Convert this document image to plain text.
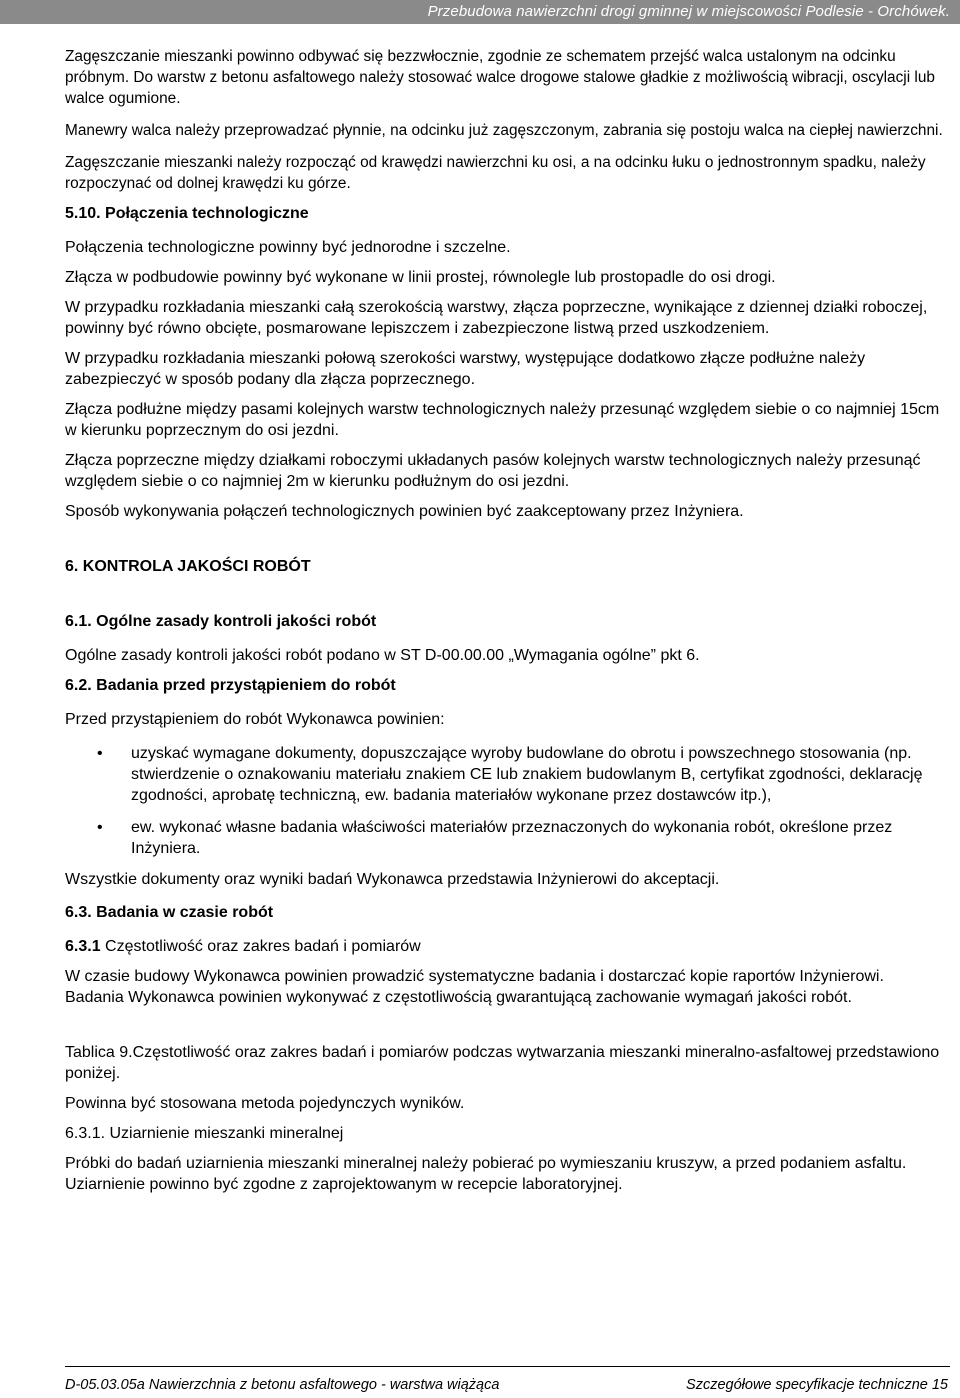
Przebudowa nawierzchni drogi gminnej w miejscowości Podlesie - Orchówek.

Zagęszczanie mieszanki powinno odbywać się bezzwłocznie, zgodnie ze schematem przejść walca ustalonym na odcinku próbnym. Do warstw z betonu asfaltowego należy stosować walce drogowe stalowe gładkie z możliwością wibracji, oscylacji lub walce ogumione.

Manewry walca należy przeprowadzać płynnie, na odcinku już zagęszczonym, zabrania się postoju walca na ciepłej nawierzchni.

Zagęszczanie mieszanki należy rozpocząć od krawędzi nawierzchni ku osi, a na odcinku łuku o jednostronnym spadku, należy rozpoczynać od dolnej krawędzi ku górze.

5.10. Połączenia technologiczne

Połączenia technologiczne powinny być jednorodne i szczelne.

Złącza w podbudowie powinny być wykonane w linii prostej, równolegle lub prostopadle do osi drogi.

W przypadku rozkładania mieszanki całą szerokością warstwy, złącza poprzeczne, wynikające z dziennej działki roboczej, powinny być równo obcięte, posmarowane lepiszczem i zabezpieczone listwą przed uszkodzeniem.

W przypadku rozkładania mieszanki połową szerokości warstwy, występujące dodatkowo złącze podłużne należy zabezpieczyć w sposób podany dla złącza poprzecznego.

Złącza podłużne między pasami kolejnych warstw technologicznych należy przesunąć względem siebie o co najmniej 15cm w kierunku poprzecznym do osi jezdni.

Złącza poprzeczne między działkami roboczymi układanych pasów kolejnych warstw technologicznych należy przesunąć względem siebie o co najmniej 2m w kierunku podłużnym do osi jezdni.

Sposób wykonywania połączeń technologicznych powinien być zaakceptowany przez Inżyniera.

6. KONTROLA JAKOŚCI ROBÓT

6.1. Ogólne zasady kontroli jakości robót

Ogólne zasady kontroli jakości robót podano w ST D-00.00.00 „Wymagania ogólne” pkt 6.

6.2. Badania przed przystąpieniem do robót

Przed przystąpieniem do robót Wykonawca powinien:

• uzyskać wymagane dokumenty, dopuszczające wyroby budowlane do obrotu i powszechnego stosowania (np. stwierdzenie o oznakowaniu materiału znakiem CE lub znakiem budowlanym B, certyfikat zgodności, deklarację zgodności, aprobatę techniczną, ew. badania materiałów wykonane przez dostawców itp.),
• ew. wykonać własne badania właściwości materiałów przeznaczonych do wykonania robót, określone przez Inżyniera.

Wszystkie dokumenty oraz wyniki badań Wykonawca przedstawia Inżynierowi do akceptacji.

6.3. Badania w czasie robót

6.3.1 Częstotliwość oraz zakres badań i pomiarów

W czasie budowy Wykonawca powinien prowadzić systematyczne badania i dostarczać kopie raportów Inżynierowi. Badania Wykonawca powinien wykonywać z częstotliwością gwarantującą zachowanie wymagań jakości robót.

Tablica 9.Częstotliwość oraz zakres badań i pomiarów podczas wytwarzania mieszanki mineralno-asfaltowej przedstawiono poniżej.

Powinna być stosowana metoda pojedynczych wyników.

6.3.1. Uziarnienie mieszanki mineralnej

Próbki do badań uziarnienia mieszanki mineralnej należy pobierać po wymieszaniu kruszyw, a przed podaniem asfaltu. Uziarnienie powinno być zgodne z zaprojektowanym w recepcie laboratoryjnej.

D-05.03.05a Nawierzchnia z betonu asfaltowego - warstwa wiążąca	Szczegółowe specyfikacje techniczne 15
